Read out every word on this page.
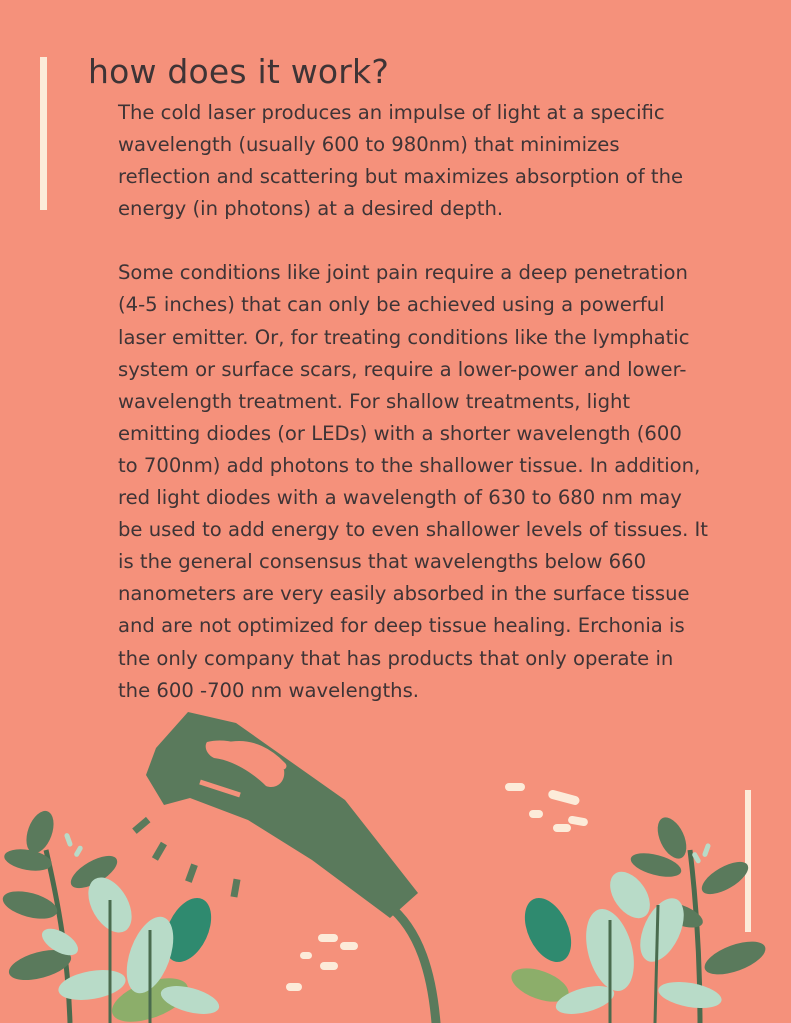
how does it work?

The cold laser produces an impulse of light at a specific
wavelength (usually 600 to 980nm) that minimizes
reflection and scattering but maximizes absorption of the
energy (in photons) at a desired depth.

Some conditions like joint pain require a deep penetration
(4-5 inches) that can only be achieved using a powerful
laser emitter. Or, for treating conditions like the lymphatic
system or surface scars, require a lower-power and lower-
wavelength treatment. For shallow treatments, light
emitting diodes (or LEDs) with a shorter wavelength (600
to 700nm) add photons to the shallower tissue. In addition,
red light diodes with a wavelength of 630 to 680 nm may
be used to add energy to even shallower levels of tissues. It
is the general consensus that wavelengths below 660
nanometers are very easily absorbed in the surface tissue
and are not optimized for deep tissue healing. Erchonia is
the only company that has products that only operate in
the 600 -700 nm wavelengths.
